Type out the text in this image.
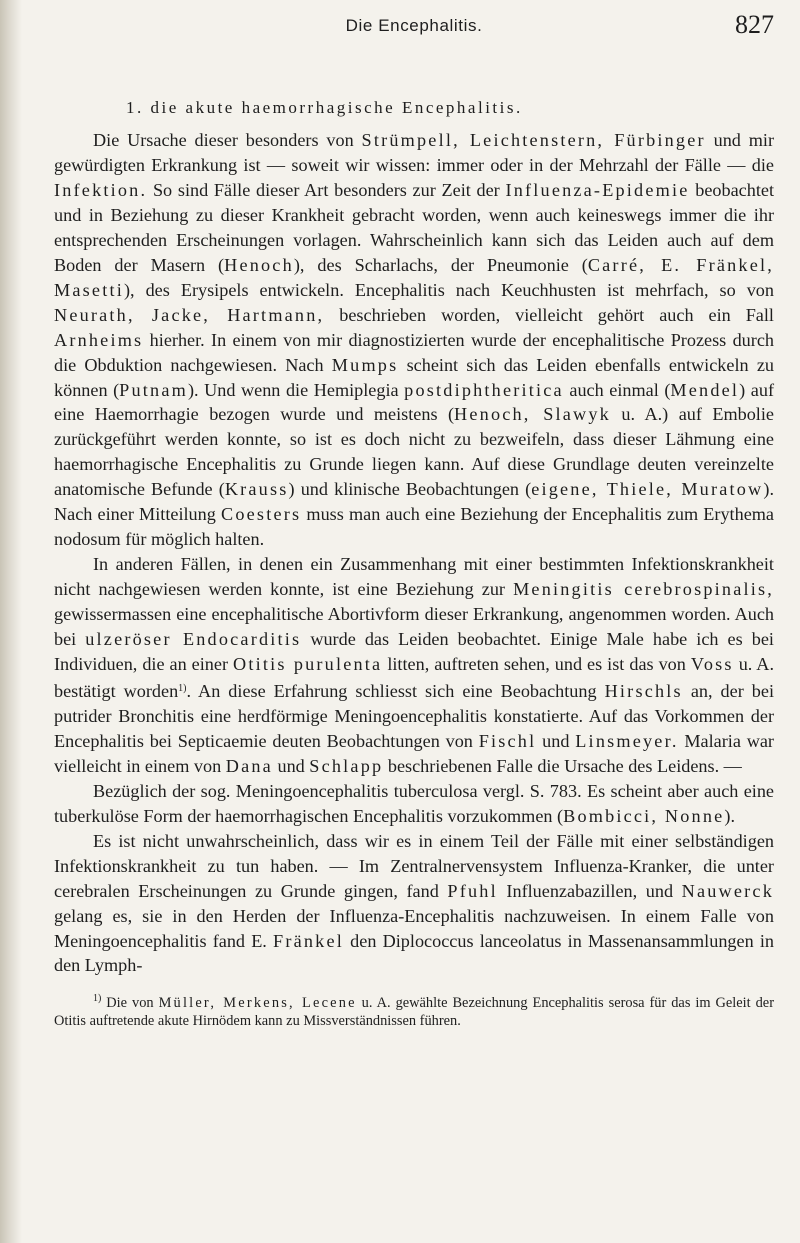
Die Encephalitis.	827
1. die akute haemorrhagische Encephalitis.

Die Ursache dieser besonders von Strümpell, Leichtenstern, Fürbinger und mir gewürdigten Erkrankung ist — soweit wir wissen: immer oder in der Mehrzahl der Fälle — die Infektion. So sind Fälle dieser Art besonders zur Zeit der Influenza-Epidemie beobachtet und in Beziehung zu dieser Krankheit gebracht worden, wenn auch keineswegs immer die ihr entsprechenden Erscheinungen vorlagen. Wahrscheinlich kann sich das Leiden auch auf dem Boden der Masern (Henoch), des Scharlachs, der Pneumonie (Carré, E. Fränkel, Masetti), des Erysipels entwickeln. Encephalitis nach Keuchhusten ist mehrfach, so von Neurath, Jacke, Hartmann, beschrieben worden, vielleicht gehört auch ein Fall Arnheims hierher. In einem von mir diagnostizierten wurde der encephalitische Prozess durch die Obduktion nachgewiesen. Nach Mumps scheint sich das Leiden ebenfalls entwickeln zu können (Putnam). Und wenn die Hemiplegia postdiphtheritica auch einmal (Mendel) auf eine Haemorrhagie bezogen wurde und meistens (Henoch, Slawyk u. A.) auf Embolie zurückgeführt werden konnte, so ist es doch nicht zu bezweifeln, dass dieser Lähmung eine haemorrhagische Encephalitis zu Grunde liegen kann. Auf diese Grundlage deuten vereinzelte anatomische Befunde (Krauss) und klinische Beobachtungen (eigene, Thiele, Muratow). Nach einer Mitteilung Coesters muss man auch eine Beziehung der Encephalitis zum Erythema nodosum für möglich halten.

In anderen Fällen, in denen ein Zusammenhang mit einer bestimmten Infektionskrankheit nicht nachgewiesen werden konnte, ist eine Beziehung zur Meningitis cerebrospinalis, gewissermassen eine encephalitische Abortivform dieser Erkrankung, angenommen worden. Auch bei ulzeröser Endocarditis wurde das Leiden beobachtet. Einige Male habe ich es bei Individuen, die an einer Otitis purulenta litten, auftreten sehen, und es ist das von Voss u. A. bestätigt worden$^{1)}$. An diese Erfahrung schliesst sich eine Beobachtung Hirschls an, der bei putrider Bronchitis eine herdförmige Meningoencephalitis konstatierte. Auf das Vorkommen der Encephalitis bei Septicaemie deuten Beobachtungen von Fischl und Linsmeyer. Malaria war vielleicht in einem von Dana und Schlapp beschriebenen Falle die Ursache des Leidens. —

Bezüglich der sog. Meningoencephalitis tuberculosa vergl. S. 783. Es scheint aber auch eine tuberkulöse Form der haemorrhagischen Encephalitis vorzukommen (Bombicci, Nonne).

Es ist nicht unwahrscheinlich, dass wir es in einem Teil der Fälle mit einer selbständigen Infektionskrankheit zu tun haben. — Im Zentralnervensystem Influenza-Kranker, die unter cerebralen Erscheinungen zu Grunde gingen, fand Pfuhl Influenzabazillen, und Nauwerck gelang es, sie in den Herden der Influenza-Encephalitis nachzuweisen. In einem Falle von Meningoencephalitis fand E. Fränkel den Diplococcus lanceolatus in Massenansammlungen in den Lymph-

$^{1)}$ Die von Müller, Merkens, Lecene u. A. gewählte Bezeichnung Encephalitis serosa für das im Geleit der Otitis auftretende akute Hirnödem kann zu Missverständnissen führen.
